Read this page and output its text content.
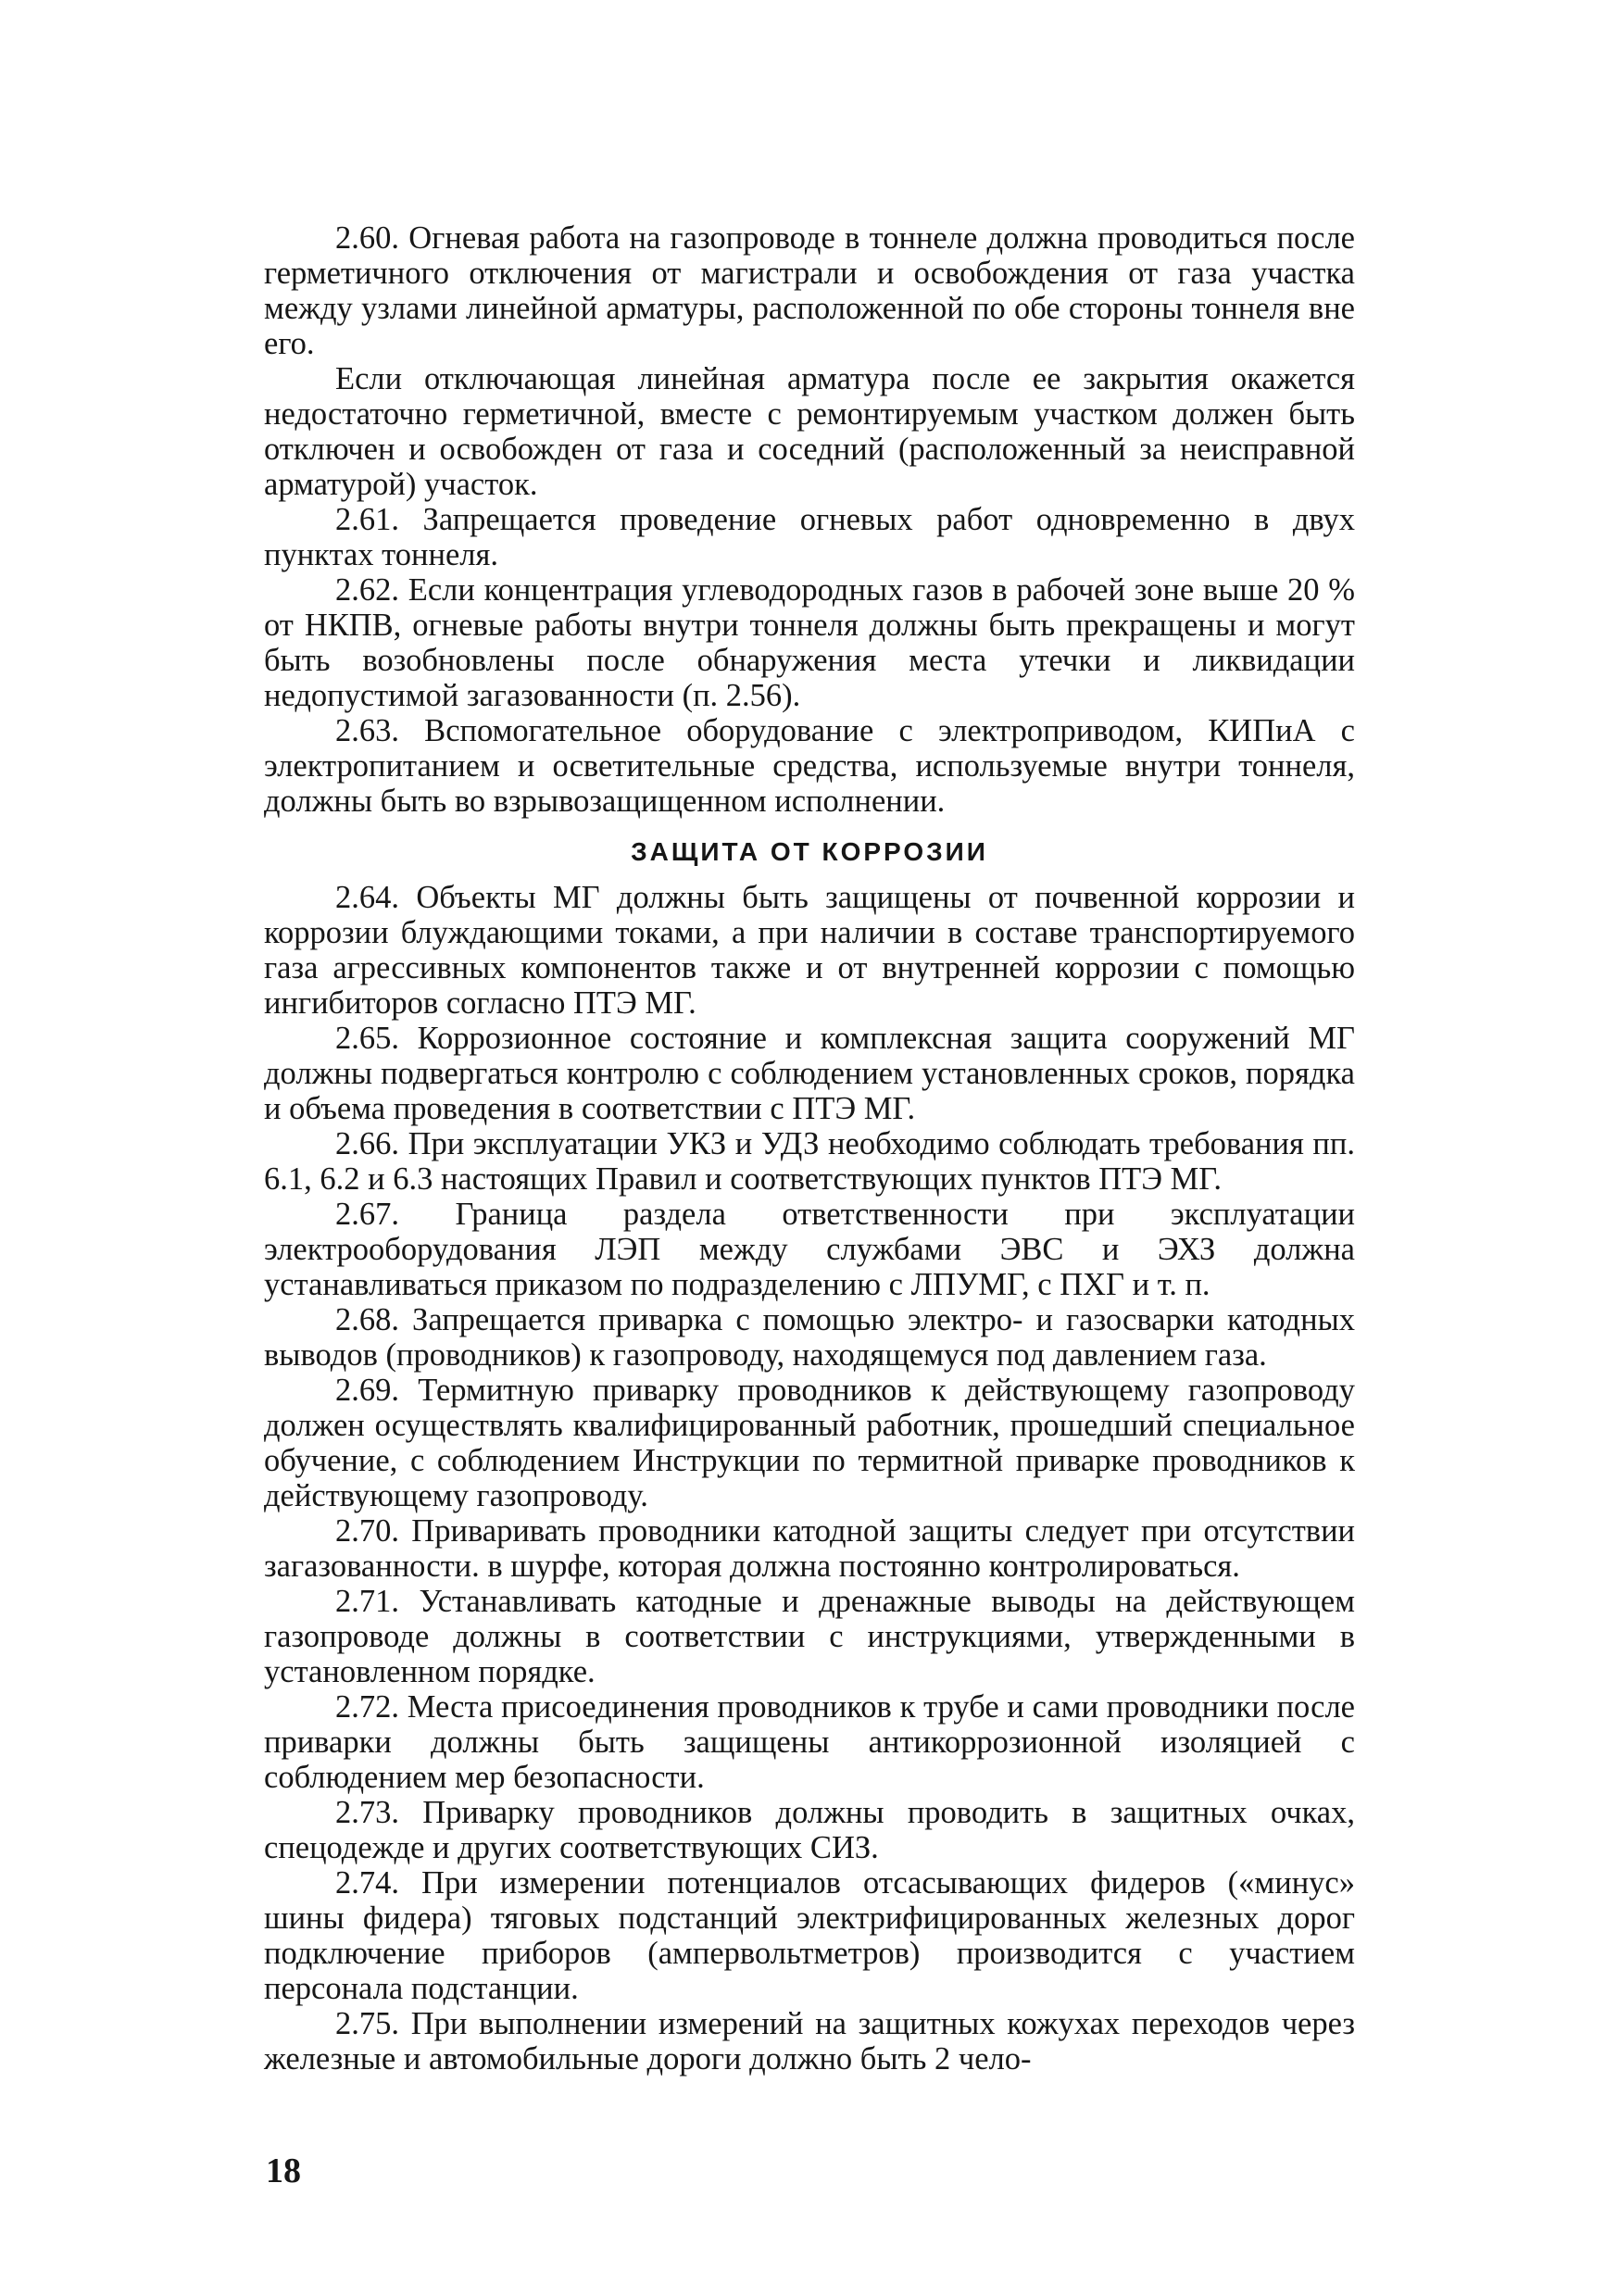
2.60. Огневая работа на газопроводе в тоннеле должна проводиться после герметичного отключения от магистрали и освобождения от газа участка между узлами линейной арматуры, расположенной по обе стороны тоннеля вне его.

Если отключающая линейная арматура после ее закрытия окажется недостаточно герметичной, вместе с ремонтируемым участком должен быть отключен и освобожден от газа и соседний (расположенный за неисправной арматурой) участок.

2.61. Запрещается проведение огневых работ одновременно в двух пунктах тоннеля.

2.62. Если концентрация углеводородных газов в рабочей зоне выше 20 % от НКПВ, огневые работы внутри тоннеля должны быть прекращены и могут быть возобновлены после обнаружения места утечки и ликвидации недопустимой загазованности (п. 2.56).

2.63. Вспомогательное оборудование с электроприводом, КИПиА с электропитанием и осветительные средства, используемые внутри тоннеля, должны быть во взрывозащищенном исполнении.

ЗАЩИТА ОТ КОРРОЗИИ

2.64. Объекты МГ должны быть защищены от почвенной коррозии и коррозии блуждающими токами, а при наличии в составе транспортируемого газа агрессивных компонентов также и от внутренней коррозии с помощью ингибиторов согласно ПТЭ МГ.

2.65. Коррозионное состояние и комплексная защита сооружений МГ должны подвергаться контролю с соблюдением установленных сроков, порядка и объема проведения в соответствии с ПТЭ МГ.

2.66. При эксплуатации УКЗ и УДЗ необходимо соблюдать требования пп. 6.1, 6.2 и 6.3 настоящих Правил и соответствующих пунктов ПТЭ МГ.

2.67. Граница раздела ответственности при эксплуатации электрооборудования ЛЭП между службами ЭВС и ЭХЗ должна устанавливаться приказом по подразделению с ЛПУМГ, с ПХГ и т. п.

2.68. Запрещается приварка с помощью электро- и газосварки катодных выводов (проводников) к газопроводу, находящемуся под давлением газа.

2.69. Термитную приварку проводников к действующему газопроводу должен осуществлять квалифицированный работник, прошедший специальное обучение, с соблюдением Инструкции по термитной приварке проводников к действующему газопроводу.

2.70. Приваривать проводники катодной защиты следует при отсутствии загазованности. в шурфе, которая должна постоянно контролироваться.

2.71. Устанавливать катодные и дренажные выводы на действующем газопроводе должны в соответствии с инструкциями, утвержденными в установленном порядке.

2.72. Места присоединения проводников к трубе и сами проводники после приварки должны быть защищены антикоррозионной изоляцией с соблюдением мер безопасности.

2.73. Приварку проводников должны проводить в защитных очках, спецодежде и других соответствующих СИЗ.

2.74. При измерении потенциалов отсасывающих фидеров («минус» шины фидера) тяговых подстанций электрифицированных железных дорог подключение приборов (ампервольтметров) производится с участием персонала подстанции.

2.75. При выполнении измерений на защитных кожухах переходов через железные и автомобильные дороги должно быть 2 чело-

18
